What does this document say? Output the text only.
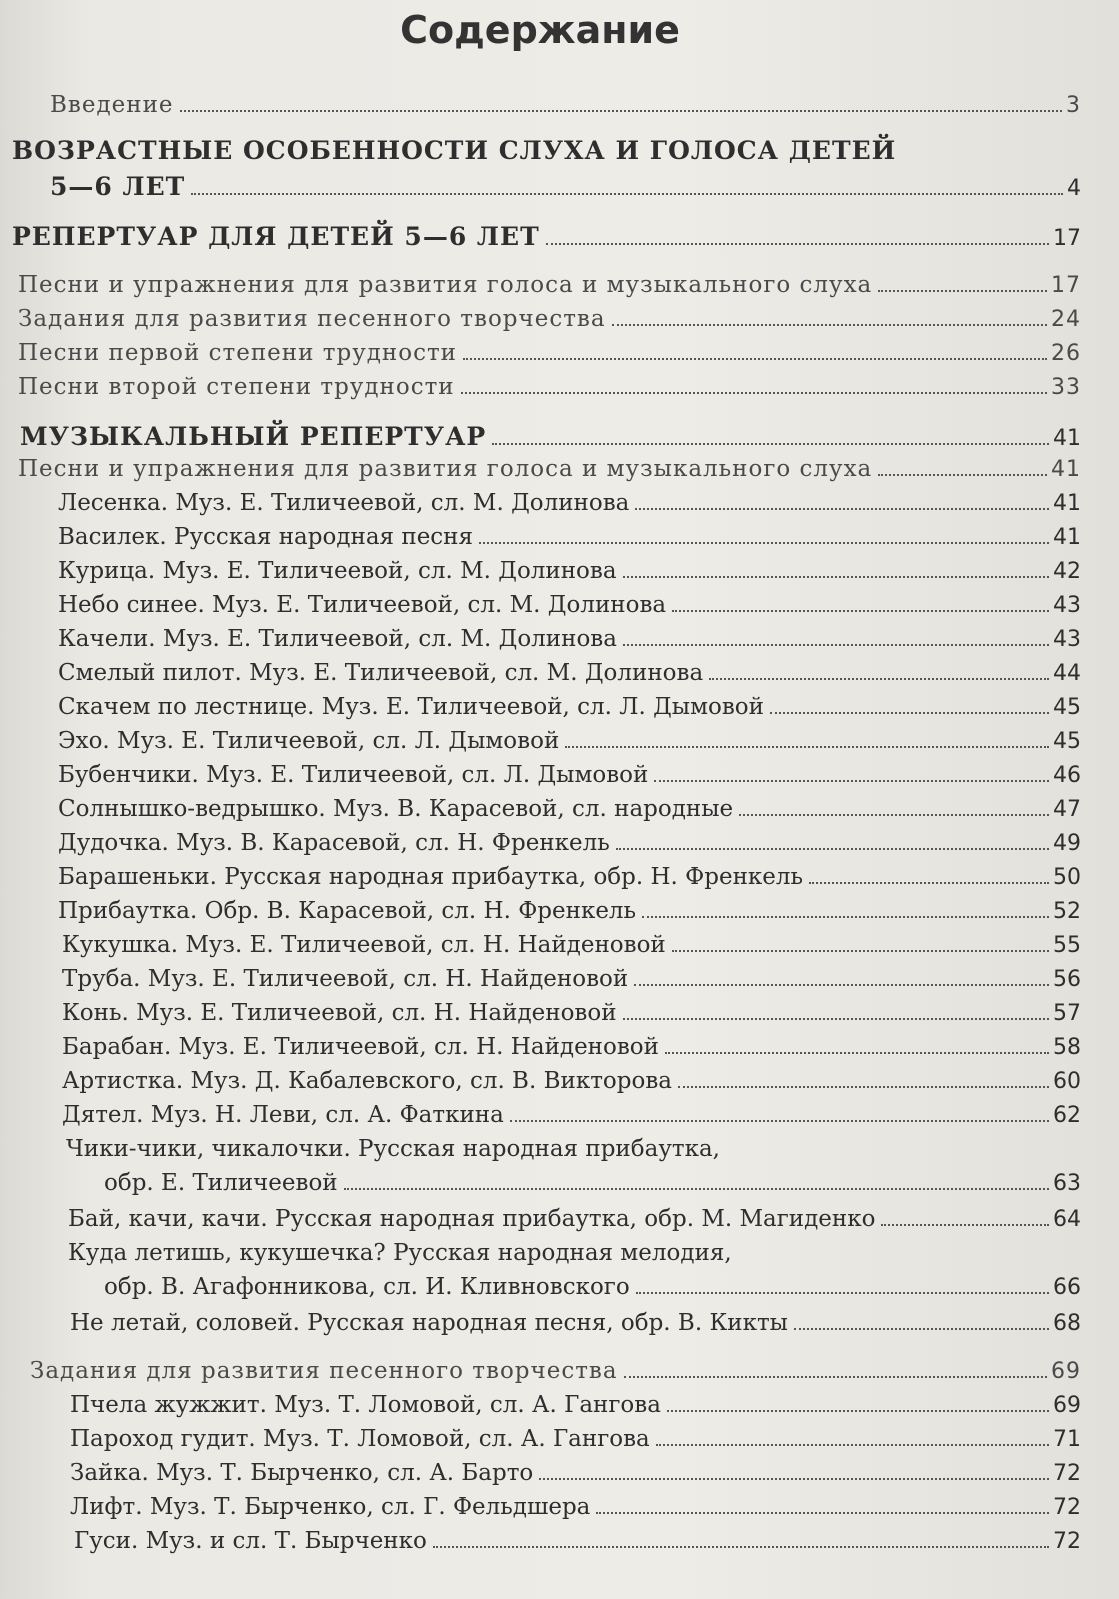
Содержание
Введение	3
ВОЗРАСТНЫЕ ОСОБЕННОСТИ СЛУХА И ГОЛОСА ДЕТЕЙ
5—6 ЛЕТ	4
РЕПЕРТУАР ДЛЯ ДЕТЕЙ 5—6 ЛЕТ	17
Песни и упражнения для развития голоса и музыкального слуха	17
Задания для развития песенного творчества	24
Песни первой степени трудности	26
Песни второй степени трудности	33
МУЗЫКАЛЬНЫЙ РЕПЕРТУАР	41
Песни и упражнения для развития голоса и музыкального слуха	41
Лесенка. Муз. Е. Тиличеевой, сл. М. Долинова	41
Василек. Русская народная песня	41
Курица. Муз. Е. Тиличеевой, сл. М. Долинова	42
Небо синее. Муз. Е. Тиличеевой, сл. М. Долинова	43
Качели. Муз. Е. Тиличеевой, сл. М. Долинова	43
Смелый пилот. Муз. Е. Тиличеевой, сл. М. Долинова	44
Скачем по лестнице. Муз. Е. Тиличеевой, сл. Л. Дымовой	45
Эхо. Муз. Е. Тиличеевой, сл. Л. Дымовой	45
Бубенчики. Муз. Е. Тиличеевой, сл. Л. Дымовой	46
Солнышко-ведрышко. Муз. В. Карасевой, сл. народные	47
Дудочка. Муз. В. Карасевой, сл. Н. Френкель	49
Барашеньки. Русская народная прибаутка, обр. Н. Френкель	50
Прибаутка. Обр. В. Карасевой, сл. Н. Френкель	52
Кукушка. Муз. Е. Тиличеевой, сл. Н. Найденовой	55
Труба. Муз. Е. Тиличеевой, сл. Н. Найденовой	56
Конь. Муз. Е. Тиличеевой, сл. Н. Найденовой	57
Барабан. Муз. Е. Тиличеевой, сл. Н. Найденовой	58
Артистка. Муз. Д. Кабалевского, сл. В. Викторова	60
Дятел. Муз. Н. Леви, сл. А. Фаткина	62
Чики-чики, чикалочки. Русская народная прибаутка,
обр. Е. Тиличеевой	63
Бай, качи, качи. Русская народная прибаутка, обр. М. Магиденко	64
Куда летишь, кукушечка? Русская народная мелодия,
обр. В. Агафонникова, сл. И. Кливновского	66
Не летай, соловей. Русская народная песня, обр. В. Кикты	68
Задания для развития песенного творчества	69
Пчела жужжит. Муз. Т. Ломовой, сл. А. Гангова	69
Пароход гудит. Муз. Т. Ломовой, сл. А. Гангова	71
Зайка. Муз. Т. Бырченко, сл. А. Барто	72
Лифт. Муз. Т. Бырченко, сл. Г. Фельдшера	72
Гуси. Муз. и сл. Т. Бырченко	72
